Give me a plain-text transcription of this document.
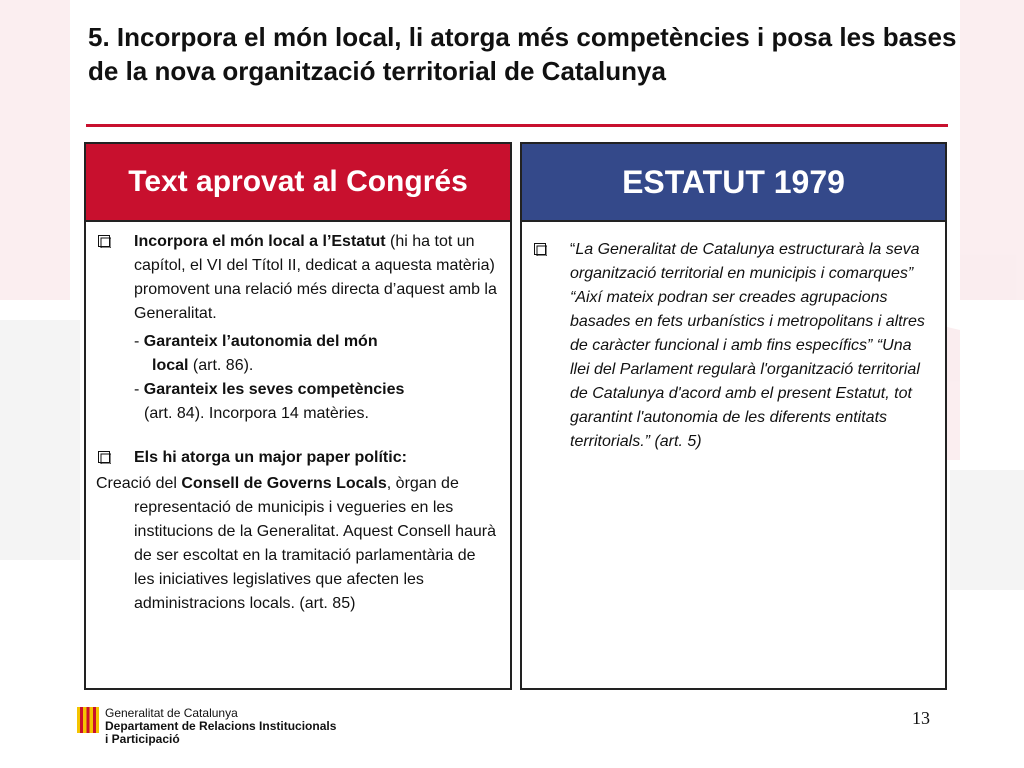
5. Incorpora el món local, li atorga més competències i posa les bases de la nova organització territorial de Catalunya
Text aprovat al Congrés
Incorpora el món local a l’Estatut (hi ha tot un capítol, el VI del Títol II, dedicat a aquesta matèria) promovent una relació més directa d’aquest amb la Generalitat.
- Garanteix l’autonomia del món
local (art. 86).
- Garanteix les seves competències
(art. 84). Incorpora 14 matèries.
Els hi atorga un major paper polític:
Creació del Consell de Governs Locals, òrgan de representació de municipis i vegueries en les institucions de la Generalitat. Aquest Consell haurà de ser escoltat en la tramitació parlamentària de les iniciatives legislatives que afecten les administracions locals. (art. 85)
ESTATUT 1979
“La Generalitat de Catalunya estructurarà la seva organització territorial en municipis i comarques” “Així mateix podran ser creades agrupacions basades en fets urbanístics i metropolitans i altres de caràcter funcional i amb fins específics” “Una llei del Parlament regularà l'organització territorial de Catalunya d'acord amb el present Estatut, tot garantint l'autonomia de les diferents entitats territorials.” (art. 5)
Generalitat de Catalunya
Departament de Relacions Institucionals
i Participació
13
